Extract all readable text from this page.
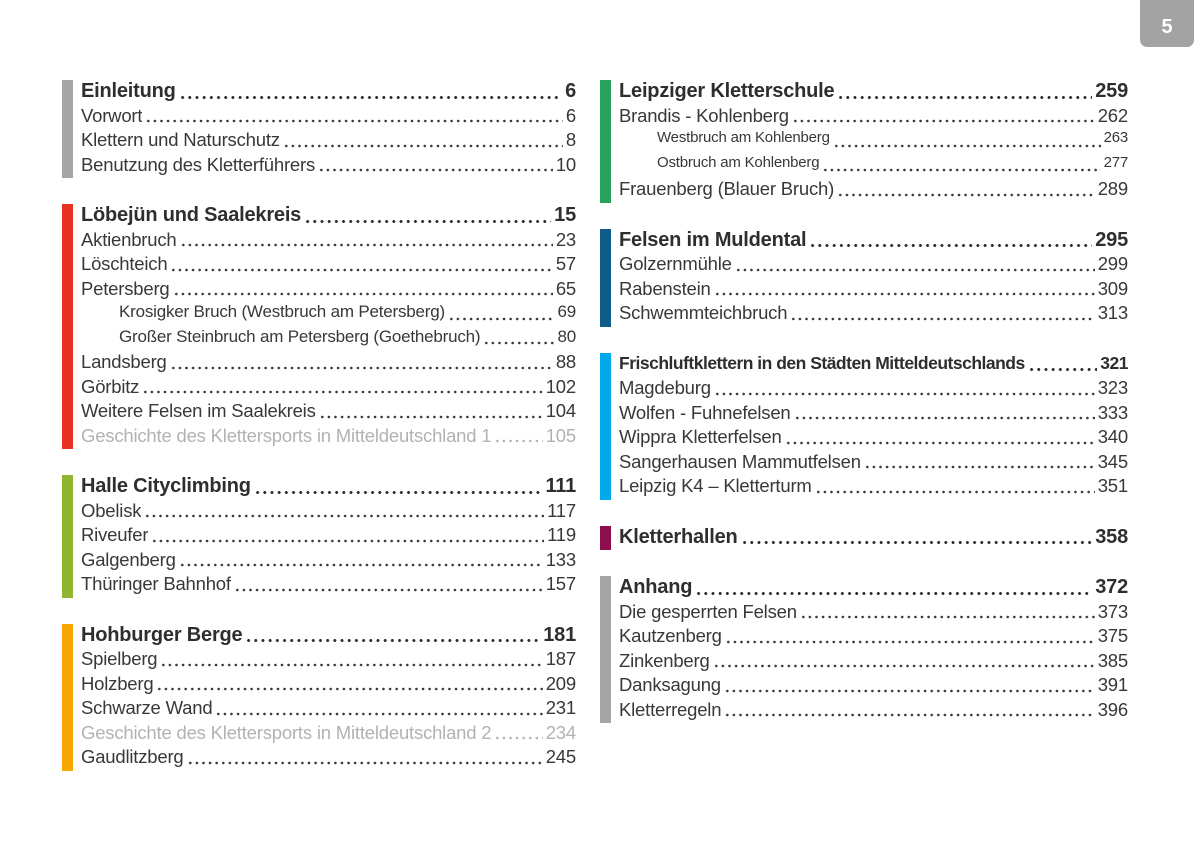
5
Einleitung	6
Vorwort	6
Klettern und Naturschutz	8
Benutzung des Kletterführers	10
Löbejün und Saalekreis	15
Aktienbruch	23
Löschteich	57
Petersberg	65
Krosigker Bruch (Westbruch am Petersberg)	69
Großer Steinbruch am Petersberg (Goethebruch)	80
Landsberg	88
Görbitz	102
Weitere Felsen im Saalekreis	104
Geschichte des Klettersports in Mitteldeutschland 1	105
Halle Cityclimbing	111
Obelisk	117
Riveufer	119
Galgenberg	133
Thüringer Bahnhof	157
Hohburger Berge	181
Spielberg	187
Holzberg	209
Schwarze Wand	231
Geschichte des Klettersports in Mitteldeutschland 2	234
Gaudlitzberg	245
Leipziger Kletterschule	259
Brandis - Kohlenberg	262
Westbruch am Kohlenberg	263
Ostbruch am Kohlenberg	277
Frauenberg (Blauer Bruch)	289
Felsen im Muldental	295
Golzernmühle	299
Rabenstein	309
Schwemmteichbruch	313
Frischluftklettern in den Städten Mitteldeutschlands	321
Magdeburg	323
Wolfen - Fuhnefelsen	333
Wippra Kletterfelsen	340
Sangerhausen Mammutfelsen	345
Leipzig K4 – Kletterturm	351
Kletterhallen	358
Anhang	372
Die gesperrten Felsen	373
Kautzenberg	375
Zinkenberg	385
Danksagung	391
Kletterregeln	396
